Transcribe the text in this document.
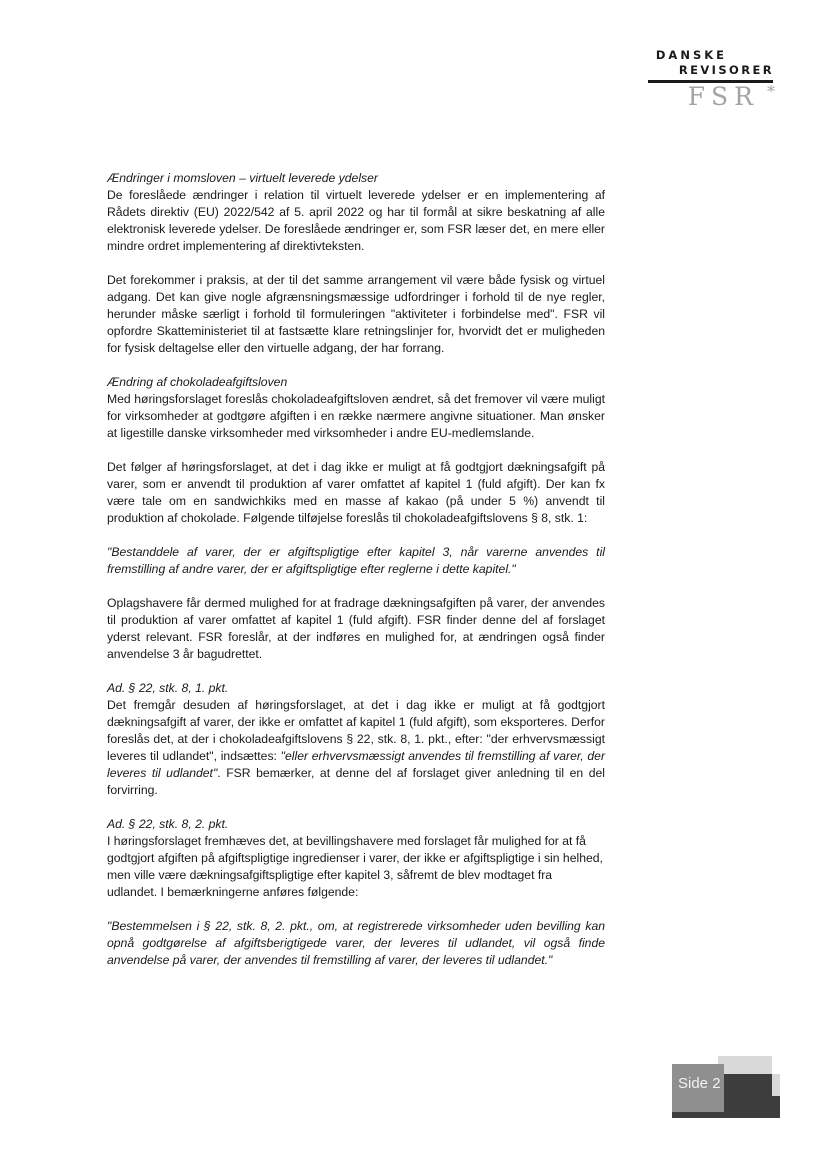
DANSKE
REVISORER
FSR *

Ændringer i momsloven – virtuelt leverede ydelser

De foreslåede ændringer i relation til virtuelt leverede ydelser er en implementering af Rådets direktiv (EU) 2022/542 af 5. april 2022 og har til formål at sikre beskatning af alle elektronisk leverede ydelser. De foreslåede ændringer er, som FSR læser det, en mere eller mindre ordret implementering af direktivteksten.

Det forekommer i praksis, at der til det samme arrangement vil være både fysisk og virtuel adgang. Det kan give nogle afgrænsningsmæssige udfordringer i forhold til de nye regler, herunder måske særligt i forhold til formuleringen "aktiviteter i forbindelse med". FSR vil opfordre Skatteministeriet til at fastsætte klare retningslinjer for, hvorvidt det er muligheden for fysisk deltagelse eller den virtuelle adgang, der har forrang.

Ændring af chokoladeafgiftsloven

Med høringsforslaget foreslås chokoladeafgiftsloven ændret, så det fremover vil være muligt for virksomheder at godtgøre afgiften i en række nærmere angivne situationer. Man ønsker at ligestille danske virksomheder med virksomheder i andre EU-medlemslande.

Det følger af høringsforslaget, at det i dag ikke er muligt at få godtgjort dækningsafgift på varer, som er anvendt til produktion af varer omfattet af kapitel 1 (fuld afgift). Der kan fx være tale om en sandwichkiks med en masse af kakao (på under 5 %) anvendt til produktion af chokolade. Følgende tilføjelse foreslås til chokoladeafgiftslovens § 8, stk. 1:

"Bestanddele af varer, der er afgiftspligtige efter kapitel 3, når varerne anvendes til fremstilling af andre varer, der er afgiftspligtige efter reglerne i dette kapitel."

Oplagshavere får dermed mulighed for at fradrage dækningsafgiften på varer, der anvendes til produktion af varer omfattet af kapitel 1 (fuld afgift). FSR finder denne del af forslaget yderst relevant. FSR foreslår, at der indføres en mulighed for, at ændringen også finder anvendelse 3 år bagudrettet.

Ad. § 22, stk. 8, 1. pkt.

Det fremgår desuden af høringsforslaget, at det i dag ikke er muligt at få godtgjort dækningsafgift af varer, der ikke er omfattet af kapitel 1 (fuld afgift), som eksporteres. Derfor foreslås det, at der i chokoladeafgiftslovens § 22, stk. 8, 1. pkt., efter: "der erhvervsmæssigt leveres til udlandet", indsættes: "eller erhvervsmæssigt anvendes til fremstilling af varer, der leveres til udlandet". FSR bemærker, at denne del af forslaget giver anledning til en del forvirring.

Ad. § 22, stk. 8, 2. pkt.

I høringsforslaget fremhæves det, at bevillingshavere med forslaget får mulighed for at få godtgjort afgiften på afgiftspligtige ingredienser i varer, der ikke er afgiftspligtige i sin helhed, men ville være dækningsafgiftspligtige efter kapitel 3, såfremt de blev modtaget fra udlandet. I bemærkningerne anføres følgende:

"Bestemmelsen i § 22, stk. 8, 2. pkt., om, at registrerede virksomheder uden bevilling kan opnå godtgørelse af afgiftsberigtigede varer, der leveres til udlandet, vil også finde anvendelse på varer, der anvendes til fremstilling af varer, der leveres til udlandet."

Side 2
